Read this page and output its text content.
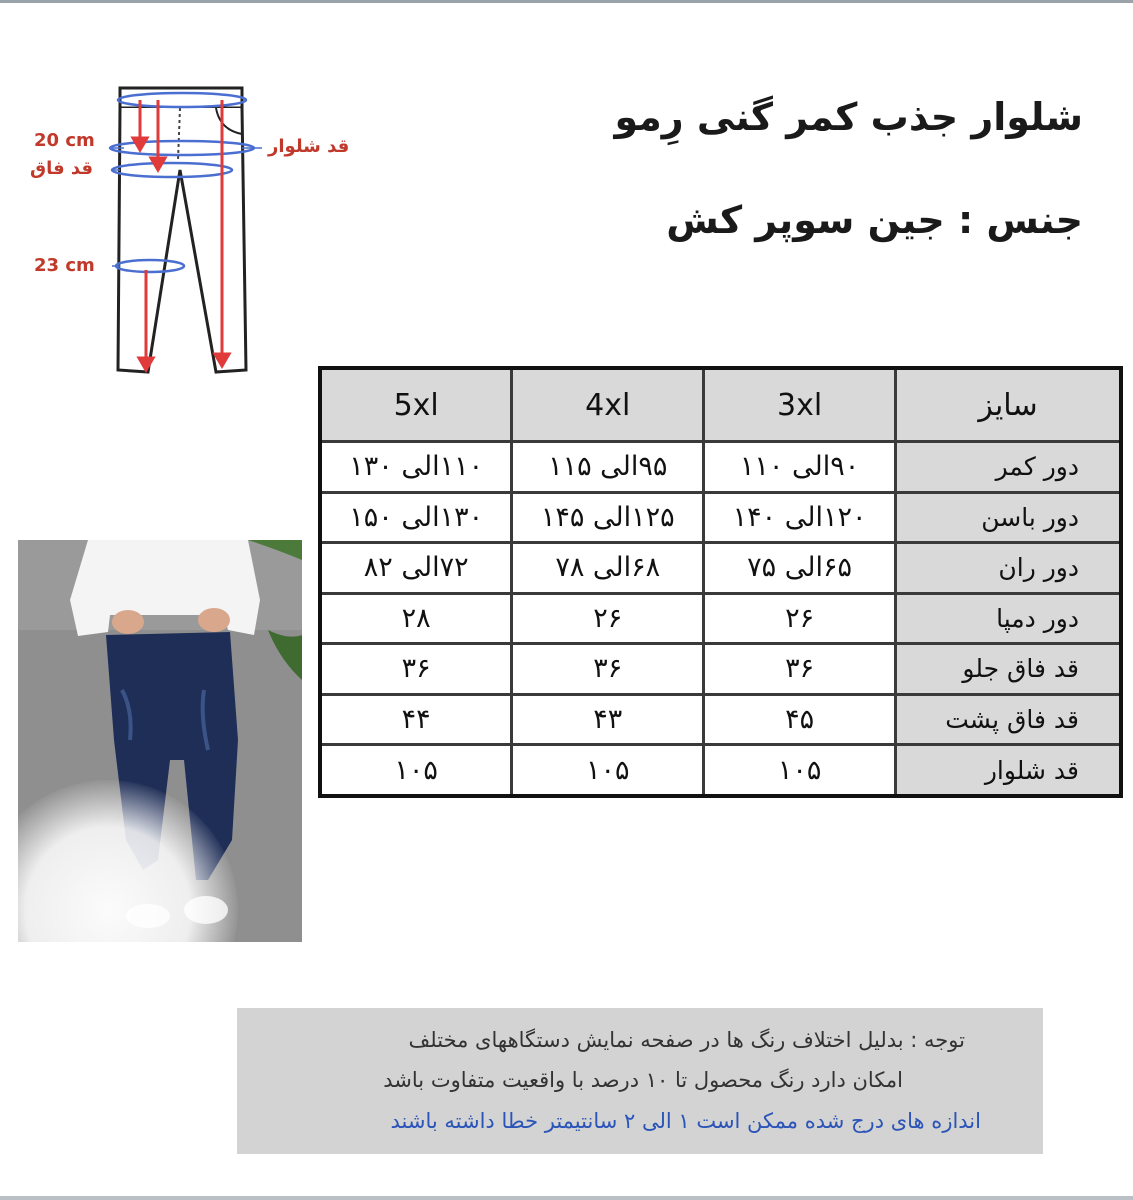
20 cm
قد فاق
23 cm
قد شلوار
شلوار جذب کمر گنی رِمو
جنس : جین سوپر کش
سایز	3xl	4xl	5xl
دور کمر	۹۰الی ۱۱۰	۹۵الی ۱۱۵	۱۱۰الی ۱۳۰
دور باسن	۱۲۰الی ۱۴۰	۱۲۵الی ۱۴۵	۱۳۰الی ۱۵۰
دور ران	۶۵الی ۷۵	۶۸الی ۷۸	۷۲الی ۸۲
دور دمپا	۲۶	۲۶	۲۸
قد فاق جلو	۳۶	۳۶	۳۶
قد فاق پشت	۴۵	۴۳	۴۴
قد شلوار	۱۰۵	۱۰۵	۱۰۵
توجه : بدلیل اختلاف رنگ ها در صفحه نمایش دستگاههای مختلف
امکان دارد رنگ محصول تا ۱۰ درصد با واقعیت متفاوت باشد
اندازه های درج شده ممکن است ۱ الی ۲ سانتیمتر خطا داشته باشند
